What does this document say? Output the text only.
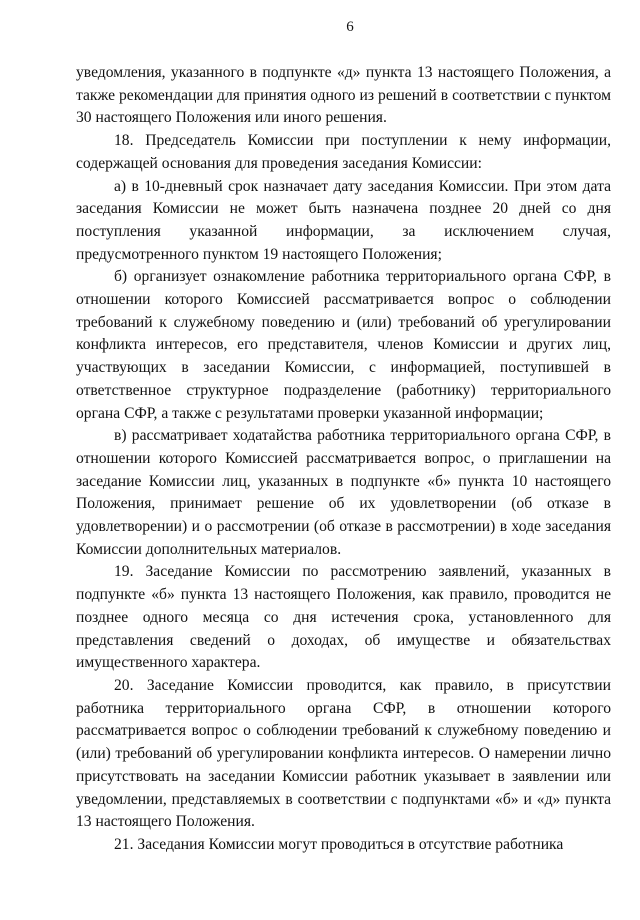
6

уведомления, указанного в подпункте «д» пункта 13 настоящего Положения, а также рекомендации для принятия одного из решений в соответствии с пунктом 30 настоящего Положения или иного решения.

18. Председатель Комиссии при поступлении к нему информации, содержащей основания для проведения заседания Комиссии:

а) в 10-дневный срок назначает дату заседания Комиссии. При этом дата заседания Комиссии не может быть назначена позднее 20 дней со дня поступления указанной информации, за исключением случая, предусмотренного пунктом 19 настоящего Положения;

б) организует ознакомление работника территориального органа СФР, в отношении которого Комиссией рассматривается вопрос о соблюдении требований к служебному поведению и (или) требований об урегулировании конфликта интересов, его представителя, членов Комиссии и других лиц, участвующих в заседании Комиссии, с информацией, поступившей в ответственное структурное подразделение (работнику) территориального органа СФР, а также с результатами проверки указанной информации;

в) рассматривает ходатайства работника территориального органа СФР, в отношении которого Комиссией рассматривается вопрос, о приглашении на заседание Комиссии лиц, указанных в подпункте «б» пункта 10 настоящего Положения, принимает решение об их удовлетворении (об отказе в удовлетворении) и о рассмотрении (об отказе в рассмотрении) в ходе заседания Комиссии дополнительных материалов.

19. Заседание Комиссии по рассмотрению заявлений, указанных в подпункте «б» пункта 13 настоящего Положения, как правило, проводится не позднее одного месяца со дня истечения срока, установленного для представления сведений о доходах, об имуществе и обязательствах имущественного характера.

20. Заседание Комиссии проводится, как правило, в присутствии работника территориального органа СФР, в отношении которого рассматривается вопрос о соблюдении требований к служебному поведению и (или) требований об урегулировании конфликта интересов. О намерении лично присутствовать на заседании Комиссии работник указывает в заявлении или уведомлении, представляемых в соответствии с подпунктами «б» и «д» пункта 13 настоящего Положения.

21. Заседания Комиссии могут проводиться в отсутствие работника
